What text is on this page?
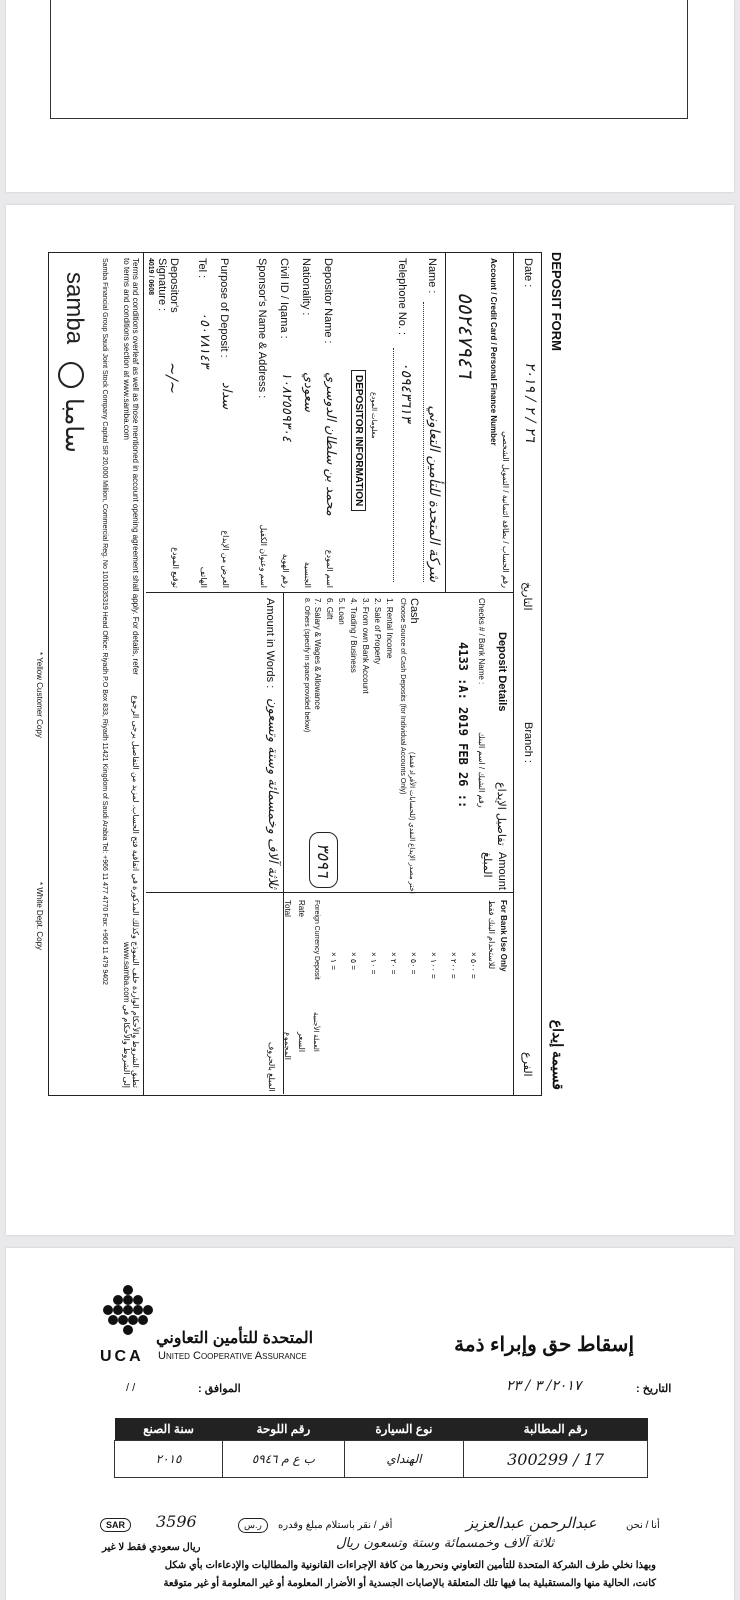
DEPOSIT FORM
قسيمة إيداع
Date :
٢٦ / ٢ / ٢٠١٩
التاريخ
Branch :
الفرع
رقم الحساب / بطاقة ائتمانية / التمويل الشخصي
Account / Credit Card / Personal Finance Number
٥٥٢٤٧٩٤٦
Name :
شركة المتحدة للتأمين التعاوني
Telephone No. :
٠٥٩٤٣٦١٣
معلومات المودع
DEPOSITOR INFORMATION
Depositor Name :
محمد بن سلطان الدوسري
Nationality :
سعودي
Civil ID / Iqama :
١٠٨٢٥٥٩٣٠٤
Sponsor's Name & Address :
Purpose of Deposit :
سداد
Tel :
٠٥٠٧٨١٤٣
Depositor's Signature :
~/~
اسم المودع
الجنسية
رقم الهوية
اسم وعنوان الكفيل
الغرض من الإيداع
الهاتف
توقيع المودع
Deposit Details
تفاصيل الإيداع
Checks # / Bank Name :
رقم الشيك / اسم البنك
4133 :A: 2019 FEB 26 ::
Cash
Choose Source of Cash Deposits (for Individual Accounts Only)
اختر مصدر الإيداع النقدي (للحسابات الأفراد فقط)
1. Rental Income
2. Sale of Property
3. From own Bank Account
4. Trading / Business
5. Loan
6. Gift
7. Salary & Wages & Allowance
8. Others (specify in space provided below)
Amount
المبلغ
٣٥٩٦
Amount in Words :
ثلاثة آلاف وخمسمائة وستة وتسعون
المبلغ بالحروف
For Bank Use Only
للاستخدام البنك فقط
× ٥٠٠ =
× ٢٠٠ =
× ١٠٠ =
× ٥٠ =
× ٢٠ =
× ١٠ =
× ٥ =
× ١ =
Foreign Currency Deposit
العملة الأجنبية
Rate
السعر
Total
المجموع
4019 / 0608
Terms and conditions overleaf as well as those mentioned in account opening agreement shall apply. For details, refer to terms and conditions section at www.samba.com
تطبق الشروط والأحكام الواردة خلف النموذج وكذلك المذكورة في اتفاقية فتح الحساب. لمزيد من التفاصيل يرجى الرجوع إلى الشروط والأحكام في www.samba.com
Samba Financial Group Saudi Joint Stock Company Capital SR 20,000 Million, Commercial Reg. No 1010035319 Head Office: Riyadh P.O Box 833, Riyadh 11421 Kingdom of Saudi Arabia Tel: +966 11 477 4770 Fax: +966 11 479 9402
* White Dept. Copy
* Yellow Customer Copy
samba
سامبا
إسقاط حق وإبراء ذمة
المتحدة للتأمين التعاوني
UCA United Cooperative Assurance
التاريخ :
٢٠١٧/ ٣ / ٢٣
الموافق :
/ /
سنة الصنع	رقم اللوحة	نوع السيارة	رقم المطالبة
٢٠١٥	ب ع م ٥٩٤٦	الهنداي	300299 / 17
أنا / نحن
عبدالرحمن عبدالعزيز
أقر / نقر باستلام مبلغ وقدره
ر.س
3596
SAR
ثلاثة آلاف وخمسمائة وستة وتسعون ريال
ريال سعودي فقط لا غير
وبهذا نخلي طرف الشركة المتحدة للتأمين التعاوني ونحررها من كافة الإجراءات القانونية والمطالبات والإدعاءات بأي شكل
كانت، الحالية منها والمستقبلية بما فيها تلك المتعلقة بالإصابات الجسدية أو الأضرار المعلومة أو غير المعلومة أو غير متوقعة
